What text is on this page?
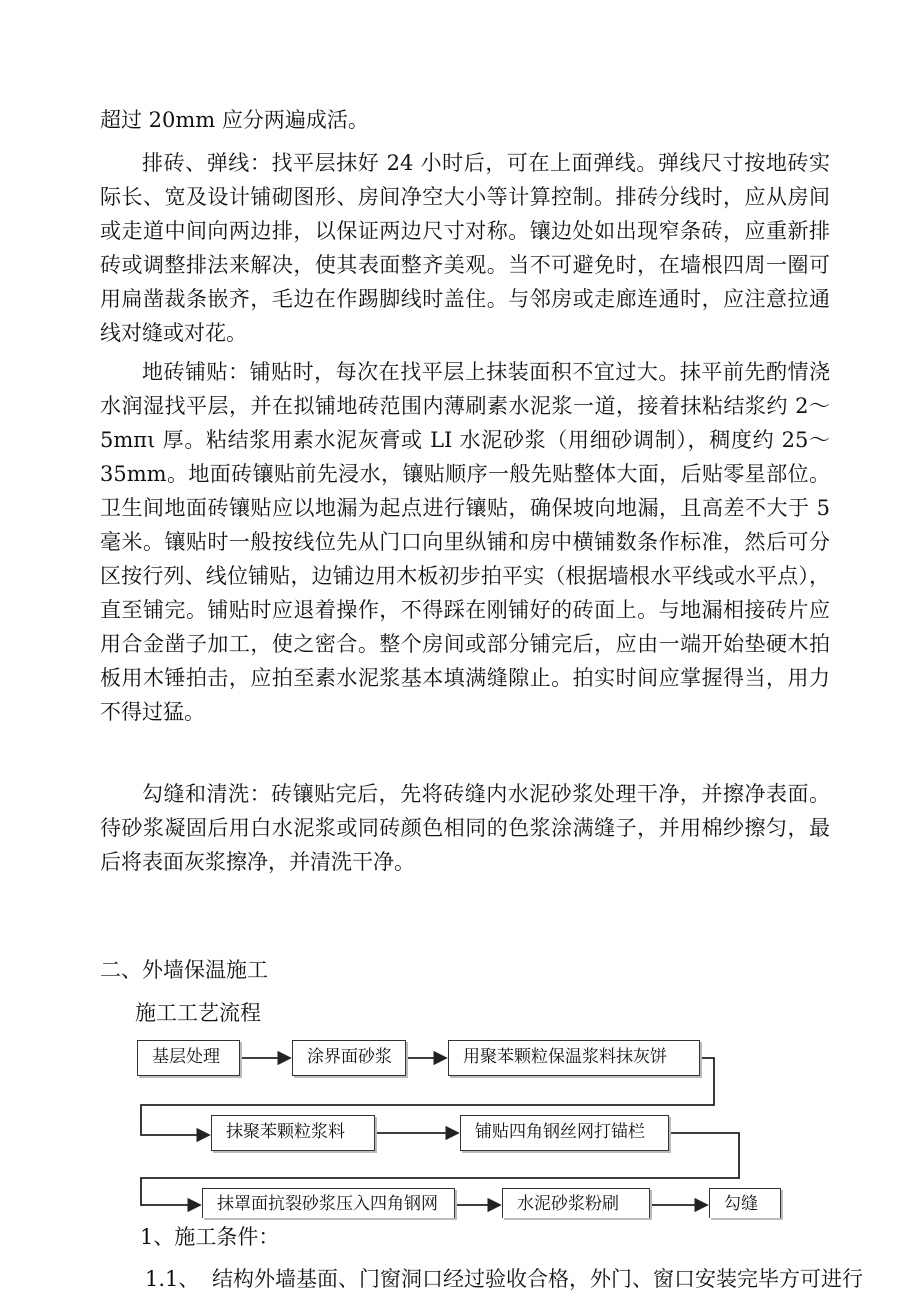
超过 20mm 应分两遍成活。

排砖、弹线：找平层抹好 24 小时后，可在上面弹线。弹线尺寸按地砖实际长、宽及设计铺砌图形、房间净空大小等计算控制。排砖分线时，应从房间或走道中间向两边排，以保证两边尺寸对称。镶边处如出现窄条砖，应重新排砖或调整排法来解决，使其表面整齐美观。当不可避免时，在墙根四周一圈可用扁凿裁条嵌齐，毛边在作踢脚线时盖住。与邻房或走廊连通时，应注意拉通线对缝或对花。

地砖铺贴：铺贴时，每次在找平层上抹装面积不宜过大。抹平前先酌情浇水润湿找平层，并在拟铺地砖范围内薄刷素水泥浆一道，接着抹粘结浆约 2～5mπι 厚。粘结浆用素水泥灰膏或 LI 水泥砂浆（用细砂调制），稠度约 25～35mm。地面砖镶贴前先浸水，镶贴顺序一般先贴整体大面，后贴零星部位。卫生间地面砖镶贴应以地漏为起点进行镶贴，确保坡向地漏，且高差不大于 5 毫米。镶贴时一般按线位先从门口向里纵铺和房中横铺数条作标准，然后可分区按行列、线位铺贴，边铺边用木板初步拍平实（根据墙根水平线或水平点），直至铺完。铺贴时应退着操作，不得踩在刚铺好的砖面上。与地漏相接砖片应用合金凿子加工，使之密合。整个房间或部分铺完后，应由一端开始垫硬木拍板用木锤拍击，应拍至素水泥浆基本填满缝隙止。拍实时间应掌握得当，用力不得过猛。

勾缝和清洗：砖镶贴完后，先将砖缝内水泥砂浆处理干净，并擦净表面。待砂浆凝固后用白水泥浆或同砖颜色相同的色浆涂满缝子，并用棉纱擦匀，最后将表面灰浆擦净，并清洗干净。

二、外墙保温施工
施工工艺流程
基层处理	涂界面砂浆	用聚苯颗粒保温浆料抹灰饼
抹聚苯颗粒浆料	铺贴四角钢丝网打锚栏
抹罩面抗裂砂浆压入四角钢网	水泥砂浆粉刷	勾缝
1、施工条件：
1.1、 结构外墙基面、门窗洞口经过验收合格，外门、窗口安装完毕方可进行
